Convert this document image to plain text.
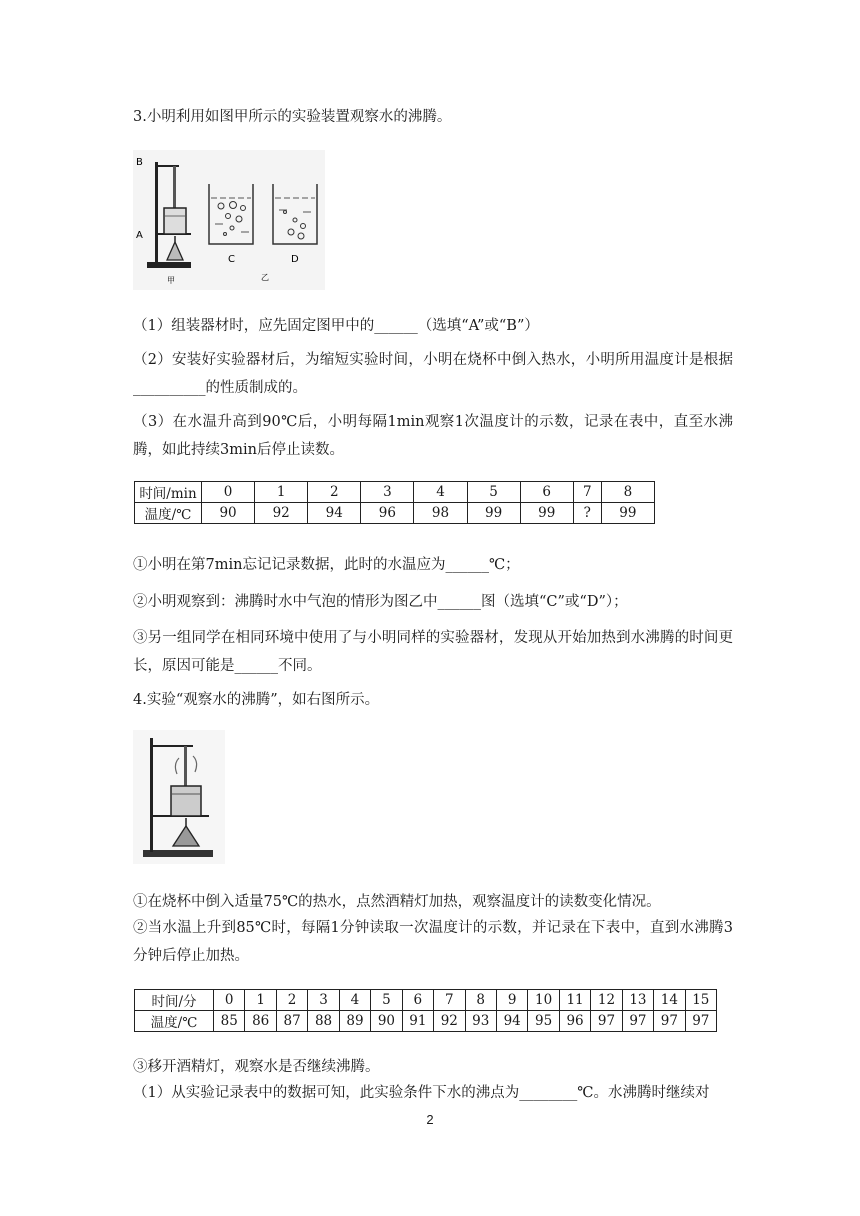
3.小明利用如图甲所示的实验装置观察水的沸腾。
B
A
甲
C	D
乙
（1）组装器材时，应先固定图甲中的______（选填“A”或“B”）
（2）安装好实验器材后，为缩短实验时间，小明在烧杯中倒入热水，小明所用温度计是根据__________的性质制成的。
（3）在水温升高到90℃后，小明每隔1min观察1次温度计的示数，记录在表中，直至水沸腾，如此持续3min后停止读数。
时间/min	0	1	2	3	4	5	6	7	8
温度/℃	90	92	94	96	98	99	99	?	99
①小明在第7min忘记记录数据，此时的水温应为______℃；
②小明观察到：沸腾时水中气泡的情形为图乙中______图（选填“C”或“D”）；
③另一组同学在相同环境中使用了与小明同样的实验器材，发现从开始加热到水沸腾的时间更长，原因可能是______不同。
4.实验“观察水的沸腾”，如右图所示。
①在烧杯中倒入适量75℃的热水，点然酒精灯加热，观察温度计的读数变化情况。
②当水温上升到85℃时，每隔1分钟读取一次温度计的示数，并记录在下表中，直到水沸腾3分钟后停止加热。
时间/分	0	1	2	3	4	5	6	7	8	9	10	11	12	13	14	15
温度/℃	85	86	87	88	89	90	91	92	93	94	95	96	97	97	97	97
③移开酒精灯，观察水是否继续沸腾。
（1）从实验记录表中的数据可知，此实验条件下水的沸点为________℃。水沸腾时继续对
2
